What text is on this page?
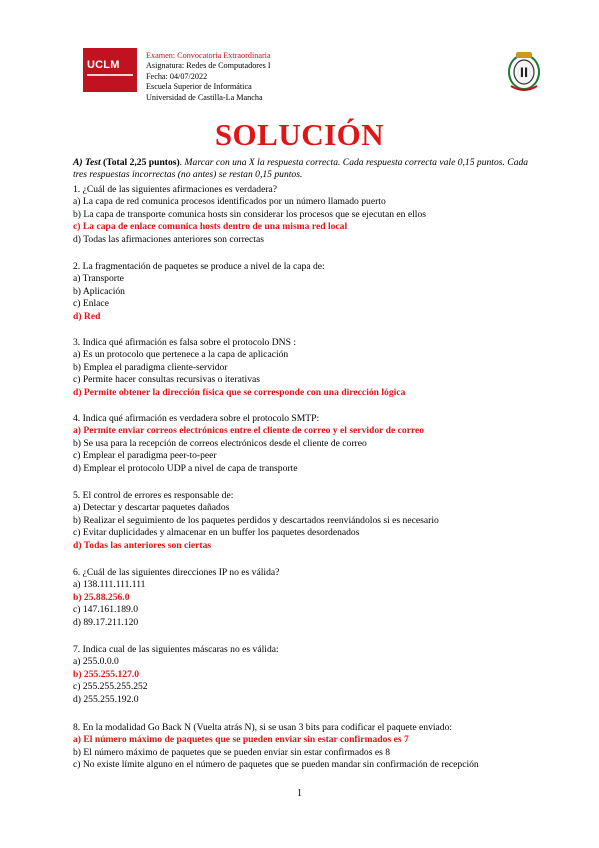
UCLM
Examen: Convocatoria Extraordinaria
Asignatura: Redes de Computadores I
Fecha: 04/07/2022
Escuela Superior de Informática
Universidad de Castilla-La Mancha
ll
SOLUCIÓN
A) Test (Total 2,25 puntos). Marcar con una X la respuesta correcta. Cada respuesta correcta vale 0,15 puntos. Cada tres respuestas incorrectas (no antes) se restan 0,15 puntos.
1. ¿Cuál de las siguientes afirmaciones es verdadera?
a) La capa de red comunica procesos identificados por un número llamado puerto
b) La capa de transporte comunica hosts sin considerar los procesos que se ejecutan en ellos
c) La capa de enlace comunica hosts dentro de una misma red local
d) Todas las afirmaciones anteriores son correctas
2. La fragmentación de paquetes se produce a nivel de la capa de:
a) Transporte
b) Aplicación
c) Enlace
d) Red
3. Indica qué afirmación es falsa sobre el protocolo DNS :
a) Es un protocolo que pertenece a la capa de aplicación
b) Emplea el paradigma cliente-servidor
c) Permite hacer consultas recursivas o iterativas
d) Permite obtener la dirección física que se corresponde con una dirección lógica
4. Indica qué afirmación es verdadera sobre el protocolo SMTP:
a) Permite enviar correos electrónicos entre el cliente de correo y el servidor de correo
b) Se usa para la recepción de correos electrónicos desde el cliente de correo
c) Emplear el paradigma peer-to-peer
d) Emplear el protocolo UDP a nivel de capa de transporte
5. El control de errores es responsable de:
a) Detectar y descartar paquetes dañados
b) Realizar el seguimiento de los paquetes perdidos y descartados reenviándolos si es necesario
c) Evitar duplicidades y almacenar en un buffer los paquetes desordenados
d) Todas las anteriores son ciertas
6. ¿Cuál de las siguientes direcciones IP no es válida?
a) 138.111.111.111
b) 25.88.256.0
c) 147.161.189.0
d) 89.17.211.120
7. Indica cual de las siguientes máscaras no es válida:
a) 255.0.0.0
b) 255.255.127.0
c) 255.255.255.252
d) 255.255.192.0
8. En la modalidad Go Back N (Vuelta atrás N), si se usan 3 bits para codificar el paquete enviado:
a) El número máximo de paquetes que se pueden enviar sin estar confirmados es 7
b) El número máximo de paquetes que se pueden enviar sin estar confirmados es 8
c) No existe límite alguno en el número de paquetes que se pueden mandar sin confirmación de recepción
1
